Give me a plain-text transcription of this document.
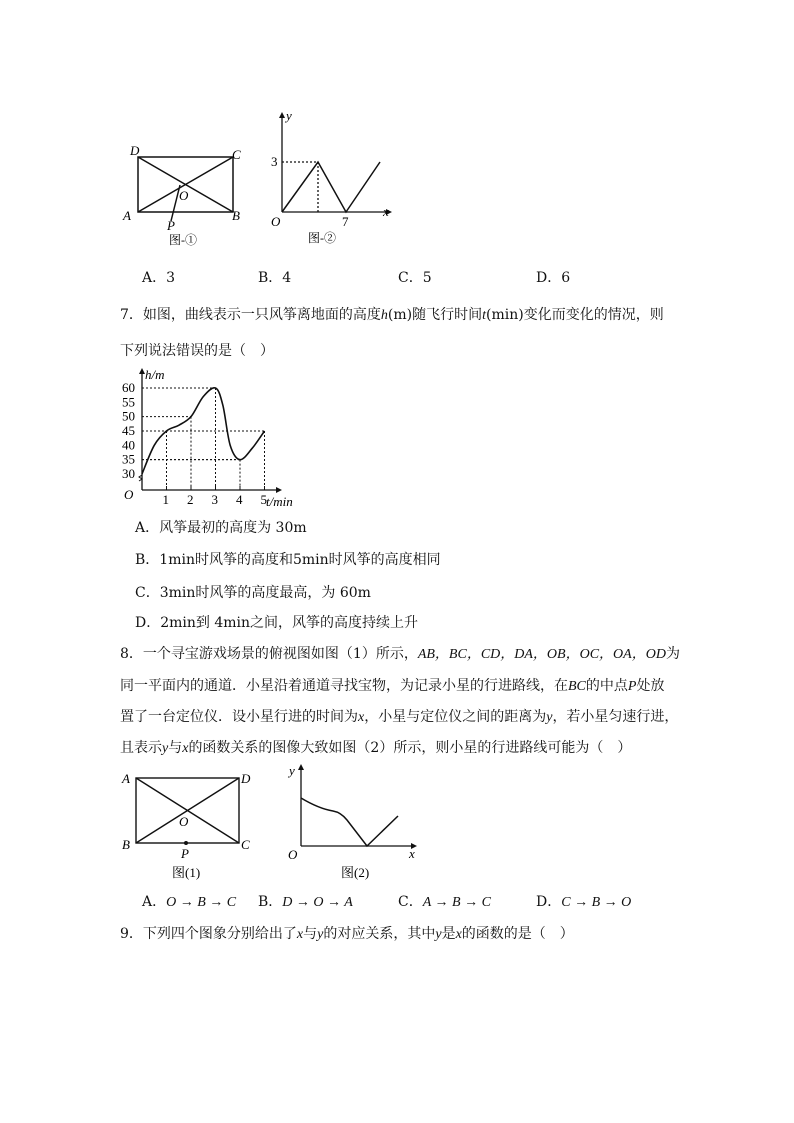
D	C
A	B
O
P
图-①
y
x
3
O	7
图-②
A．3	B．4	C．5	D．6
7．如图，曲线表示一只风筝离地面的高度h(m)随飞行时间t(min)变化而变化的情况，则
下列说法错误的是（　）
60
55
50
45
40
35
30
1 2 3 4 5
h/m
t/min
O
A．风筝最初的高度为 30m
B．1min时风筝的高度和5min时风筝的高度相同
C．3min时风筝的高度最高，为 60m
D．2min到 4min之间，风筝的高度持续上升
8．一个寻宝游戏场景的俯视图如图（1）所示，AB，BC，CD，DA，OB，OC，OA，OD为
同一平面内的通道．小星沿着通道寻找宝物，为记录小星的行进路线，在BC的中点P处放
置了一台定位仪．设小星行进的时间为x，小星与定位仪之间的距离为y，若小星匀速行进，
且表示y与x的函数关系的图像大致如图（2）所示，则小星的行进路线可能为（　）
A	D
B	C
O
P
图(1)
y
x
O
图(2)
A．O → B → C B．D → O → A	C．A → B → C	D．C → B → O
9．下列四个图象分别给出了x与y的对应关系，其中y是x的函数的是（　）
